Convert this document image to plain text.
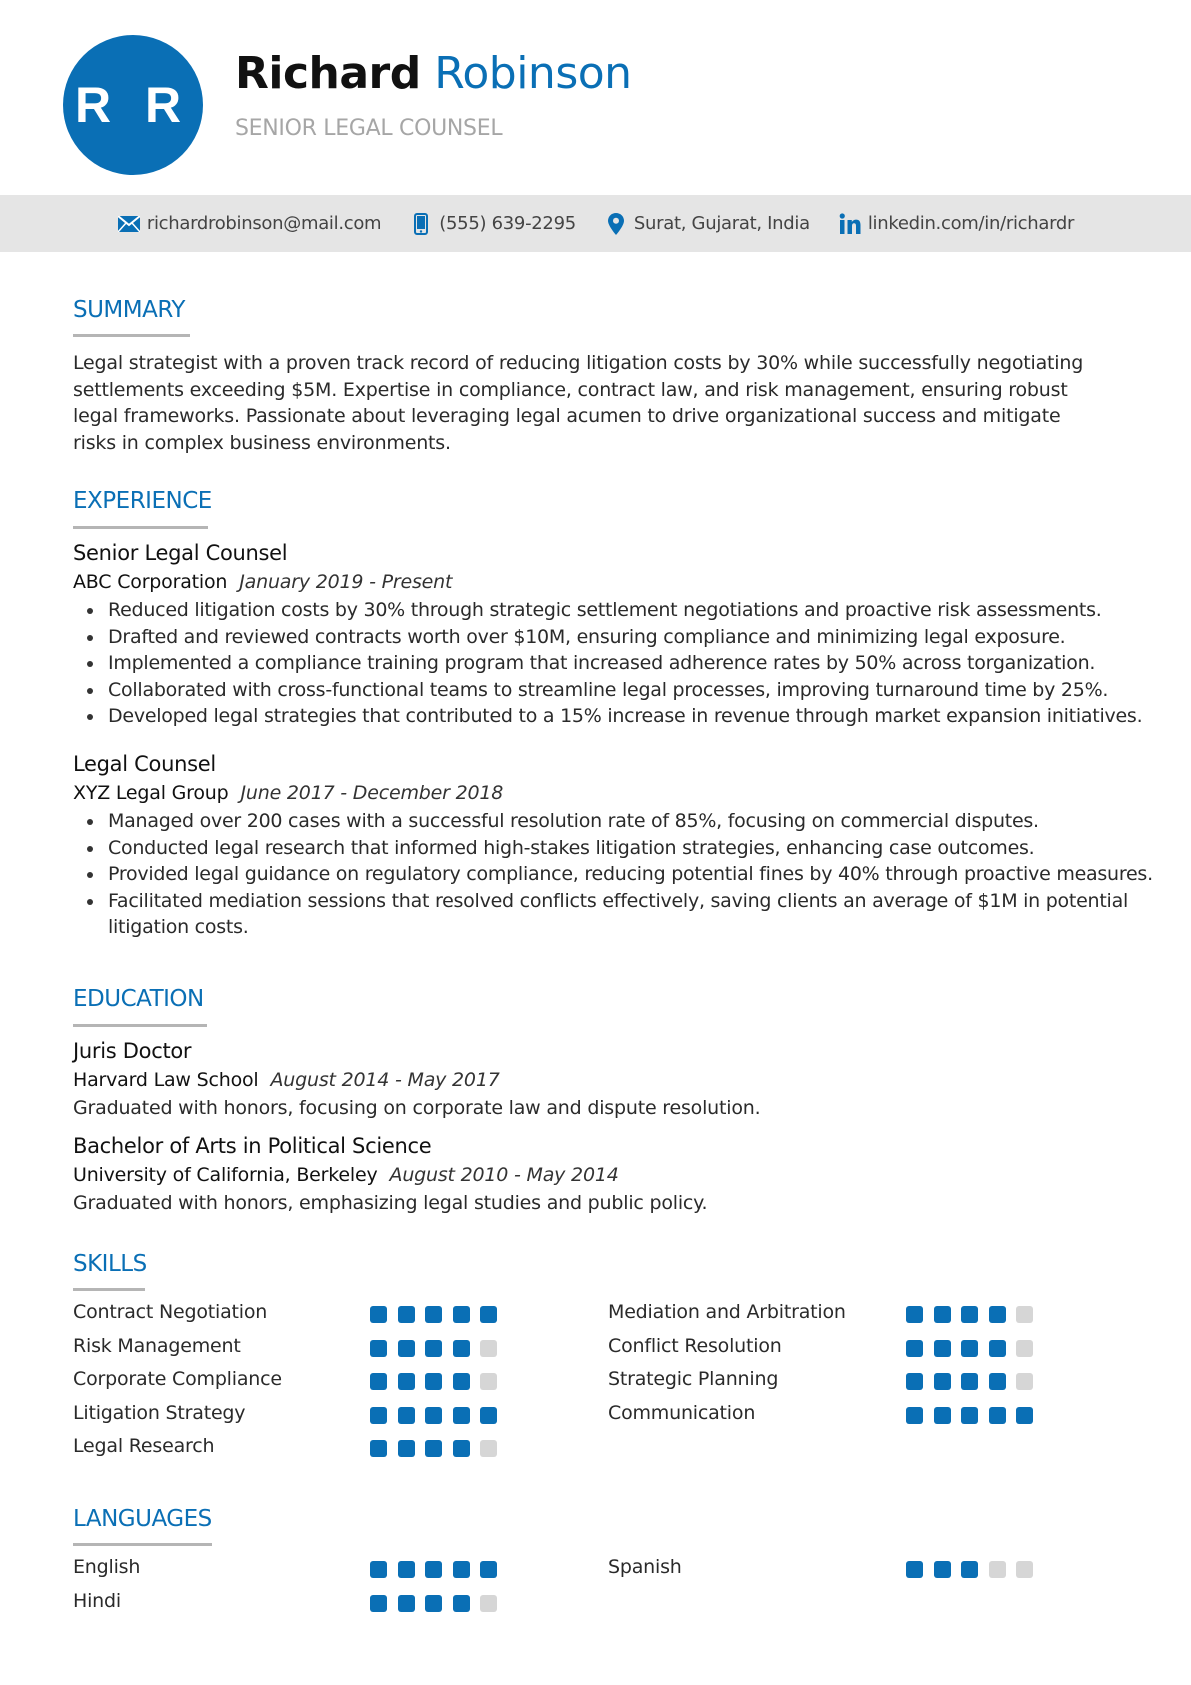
R R
Richard Robinson
SENIOR LEGAL COUNSEL
richardrobinson@mail.com	(555) 639-2295	Surat, Gujarat, India	linkedin.com/in/richardr
SUMMARY

Legal strategist with a proven track record of reducing litigation costs by 30% while successfully negotiating settlements exceeding $5M. Expertise in compliance, contract law, and risk management, ensuring robust legal frameworks. Passionate about leveraging legal acumen to drive organizational success and mitigate risks in complex business environments.

EXPERIENCE
Senior Legal Counsel
ABC Corporation January 2019 - Present
Reduced litigation costs by 30% through strategic settlement negotiations and proactive risk assessments.
Drafted and reviewed contracts worth over $10M, ensuring compliance and minimizing legal exposure.
Implemented a compliance training program that increased adherence rates by 50% across torganization.
Collaborated with cross-functional teams to streamline legal processes, improving turnaround time by 25%.
Developed legal strategies that contributed to a 15% increase in revenue through market expansion initiatives.
Legal Counsel
XYZ Legal Group June 2017 - December 2018
Managed over 200 cases with a successful resolution rate of 85%, focusing on commercial disputes.
Conducted legal research that informed high-stakes litigation strategies, enhancing case outcomes.
Provided legal guidance on regulatory compliance, reducing potential fines by 40% through proactive measures.
Facilitated mediation sessions that resolved conflicts effectively, saving clients an average of $1M in potential litigation costs.
EDUCATION
Juris Doctor
Harvard Law School August 2014 - May 2017
Graduated with honors, focusing on corporate law and dispute resolution.
Bachelor of Arts in Political Science
University of California, Berkeley August 2010 - May 2014
Graduated with honors, emphasizing legal studies and public policy.
SKILLS
Contract Negotiation	Mediation and Arbitration
Risk Management	Conflict Resolution
Corporate Compliance	Strategic Planning
Litigation Strategy	Communication
Legal Research
LANGUAGES
English	Spanish
Hindi
